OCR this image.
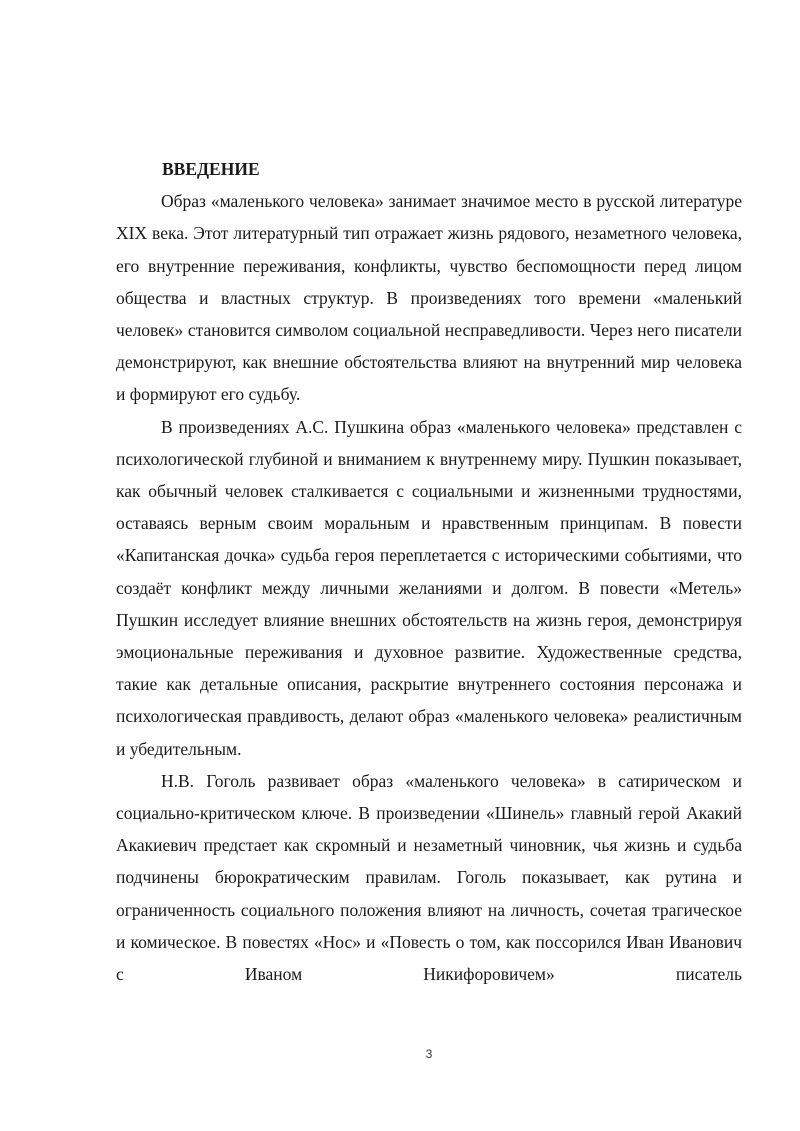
ВВЕДЕНИЕ

Образ «маленького человека» занимает значимое место в русской литературе XIX века. Этот литературный тип отражает жизнь рядового, незаметного человека, его внутренние переживания, конфликты, чувство беспомощности перед лицом общества и властных структур. В произведениях того времени «маленький человек» становится символом социальной несправедливости. Через него писатели демонстрируют, как внешние обстоятельства влияют на внутренний мир человека и формируют его судьбу.

В произведениях А.С. Пушкина образ «маленького человека» представлен с психологической глубиной и вниманием к внутреннему миру. Пушкин показывает, как обычный человек сталкивается с социальными и жизненными трудностями, оставаясь верным своим моральным и нравственным принципам. В повести «Капитанская дочка» судьба героя переплетается с историческими событиями, что создаёт конфликт между личными желаниями и долгом. В повести «Метель» Пушкин исследует влияние внешних обстоятельств на жизнь героя, демонстрируя эмоциональные переживания и духовное развитие. Художественные средства, такие как детальные описания, раскрытие внутреннего состояния персонажа и психологическая правдивость, делают образ «маленького человека» реалистичным и убедительным.

Н.В. Гоголь развивает образ «маленького человека» в сатирическом и социально-критическом ключе. В произведении «Шинель» главный герой Акакий Акакиевич предстает как скромный и незаметный чиновник, чья жизнь и судьба подчинены бюрократическим правилам. Гоголь показывает, как рутина и ограниченность социального положения влияют на личность, сочетая трагическое и комическое. В повестях «Нос» и «Повесть о том, как поссорился Иван Иванович с Иваном Никифоровичем» писатель

3
